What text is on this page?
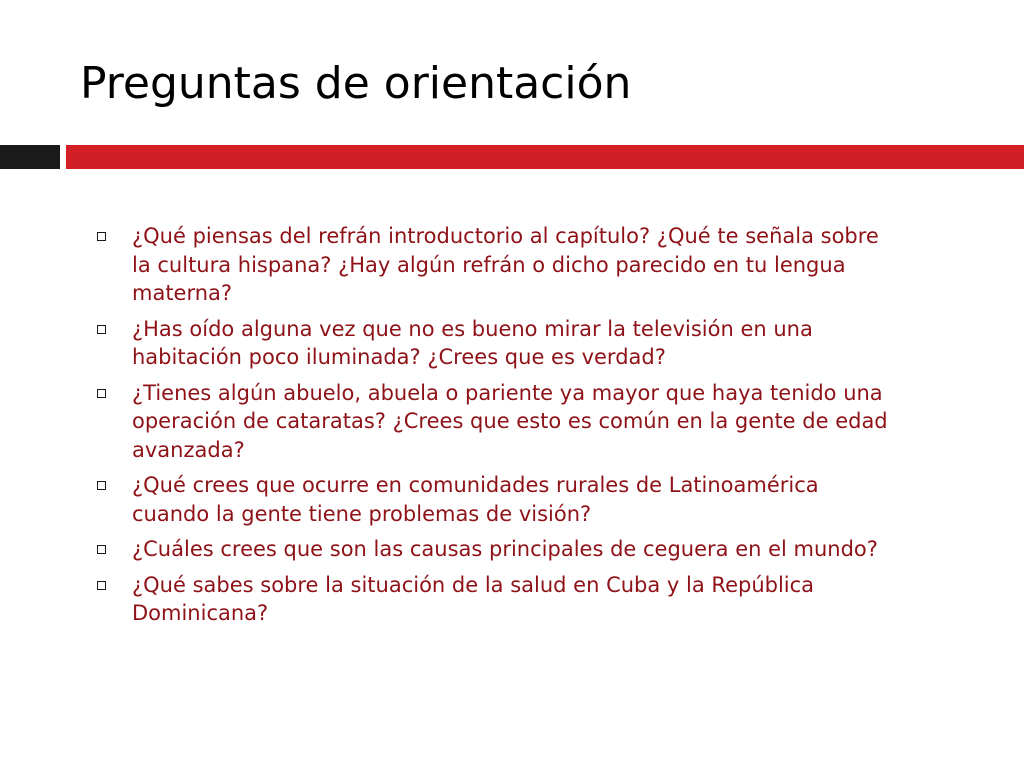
Preguntas de orientación
¿Qué piensas del refrán introductorio al capítulo? ¿Qué te señala sobre la cultura hispana? ¿Hay algún refrán o dicho parecido en tu lengua materna?
¿Has oído alguna vez que no es bueno mirar la televisión en una habitación poco iluminada? ¿Crees que es verdad?
¿Tienes algún abuelo, abuela o pariente ya mayor que haya tenido una operación de cataratas? ¿Crees que esto es común en la gente de edad avanzada?
¿Qué crees que ocurre en comunidades rurales de Latinoamérica cuando la gente tiene problemas de visión?
¿Cuáles crees que son las causas principales de ceguera en el mundo?
¿Qué sabes sobre la situación de la salud en Cuba y la República Dominicana?
